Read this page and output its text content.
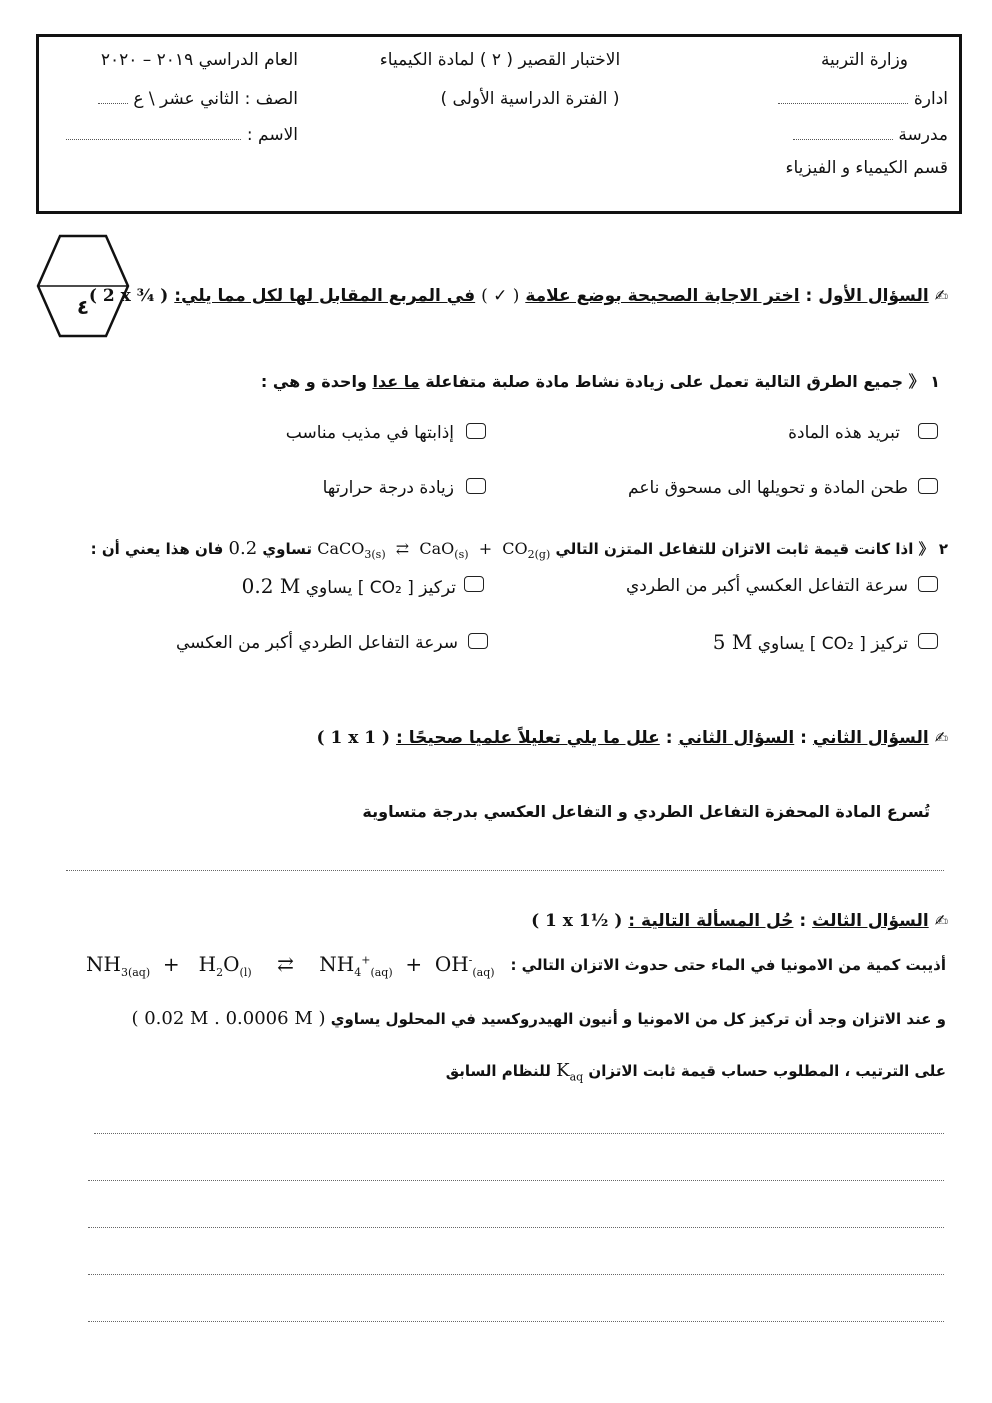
وزارة التربية
ادارة
مدرسة
قسم الكيمياء و الفيزياء
الاختبار القصير ( ٢ ) لمادة الكيمياء
( الفترة الدراسية الأولى )
العام الدراسي ٢٠١٩ – ٢٠٢٠
الصف : الثاني عشر \ ع
الاسم :
٤	✍ السؤال الأول : اختر الاجابة الصحيحة بوضع علامة ( ✓ ) في المربع المقابل لها لكل مما يلي: ( 2 x ¾ )
١ 《 جميع الطرق التالية تعمل على زيادة نشاط مادة صلبة متفاعلة ما عدا واحدة و هي :
تبريد هذه المادة
إذابتها في مذيب مناسب
طحن المادة و تحويلها الى مسحوق ناعم
زيادة درجة حرارتها
٢ 《 اذا كانت قيمة ثابت الاتزان للتفاعل المتزن التالي CaCO$_{3(s)}$  ⇄  $CaO_{(s)} + CO_{2(g)}$ تساوي 0.2 فان هذا يعني أن :
سرعة التفاعل العكسي أكبر من الطردي
تركيز [ CO₂ ] يساوي 0.2 M
تركيز [ CO₂ ] يساوي 5 M
سرعة التفاعل الطردي أكبر من العكسي
✍ السؤال الثاني : السؤال الثاني : علل ما يلي تعليلاً علميا صحيحًا : ( 1 x 1 )
تُسرع المادة المحفزة التفاعل الطردي و التفاعل العكسي بدرجة متساوية
✍ السؤال الثالث : حُل المسألة التالية : ( 1 x 1½ )
أذيبت كمية من الامونيا في الماء حتى حدوث الاتزان التالي :
$NH_{3(aq)} + H_2O_{(l)}$    ⇄    $NH_4^+_{(aq)} + OH^-_{(aq)}$
و عند الاتزان وجد أن تركيز كل من الامونيا و أنيون الهيدروكسيد في المحلول يساوي ( 0.02 M . 0.0006 M )
على الترتيب ، المطلوب حساب قيمة ثابت الاتزان $K_{aq}$ للنظام السابق
